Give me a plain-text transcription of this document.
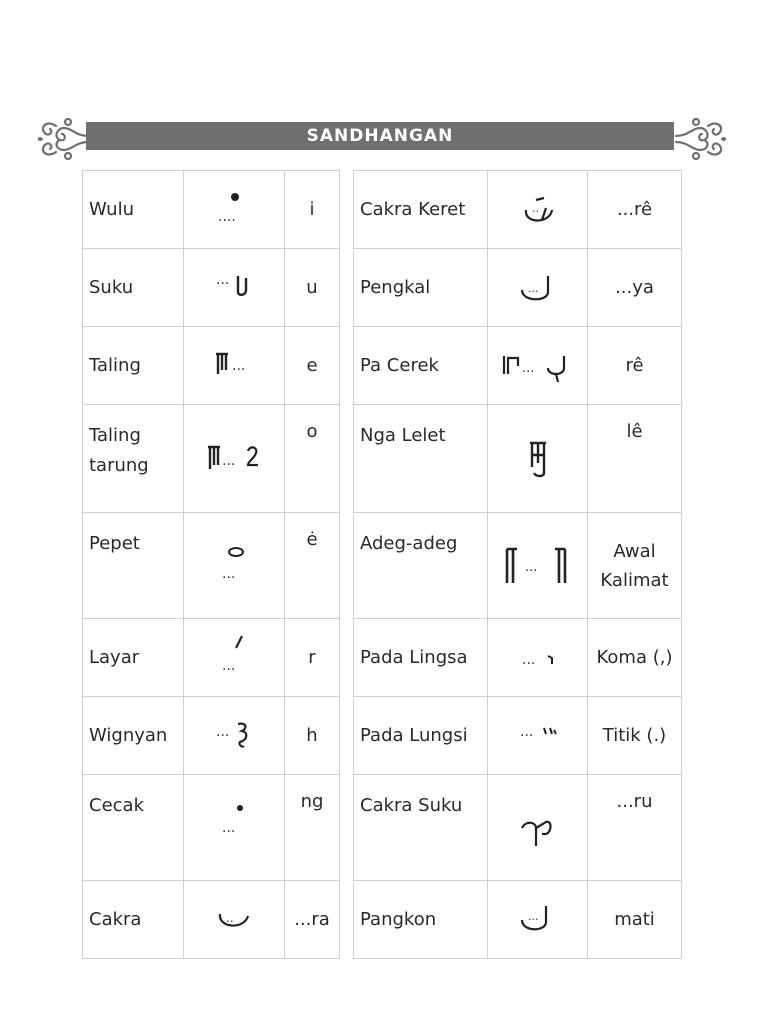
SANDHANGAN
Wulu	....	i
Suku	...	u
Taling	...	e
Taling tarung	...	o
Pepet	...	ė
Layar	...	r
Wignyan	...	h
Cecak	...	ng
Cakra	..	...ra
Cakra Keret	..	...rê
Pengkal	...	...ya
Pa Cerek	...	rê
Nga Lelet		lê
Adeg-adeg	...	Awal Kalimat
Pada Lingsa	...	Koma (,)
Pada Lungsi	...	Titik (.)
Cakra Suku		...ru
Pangkon	...	mati
